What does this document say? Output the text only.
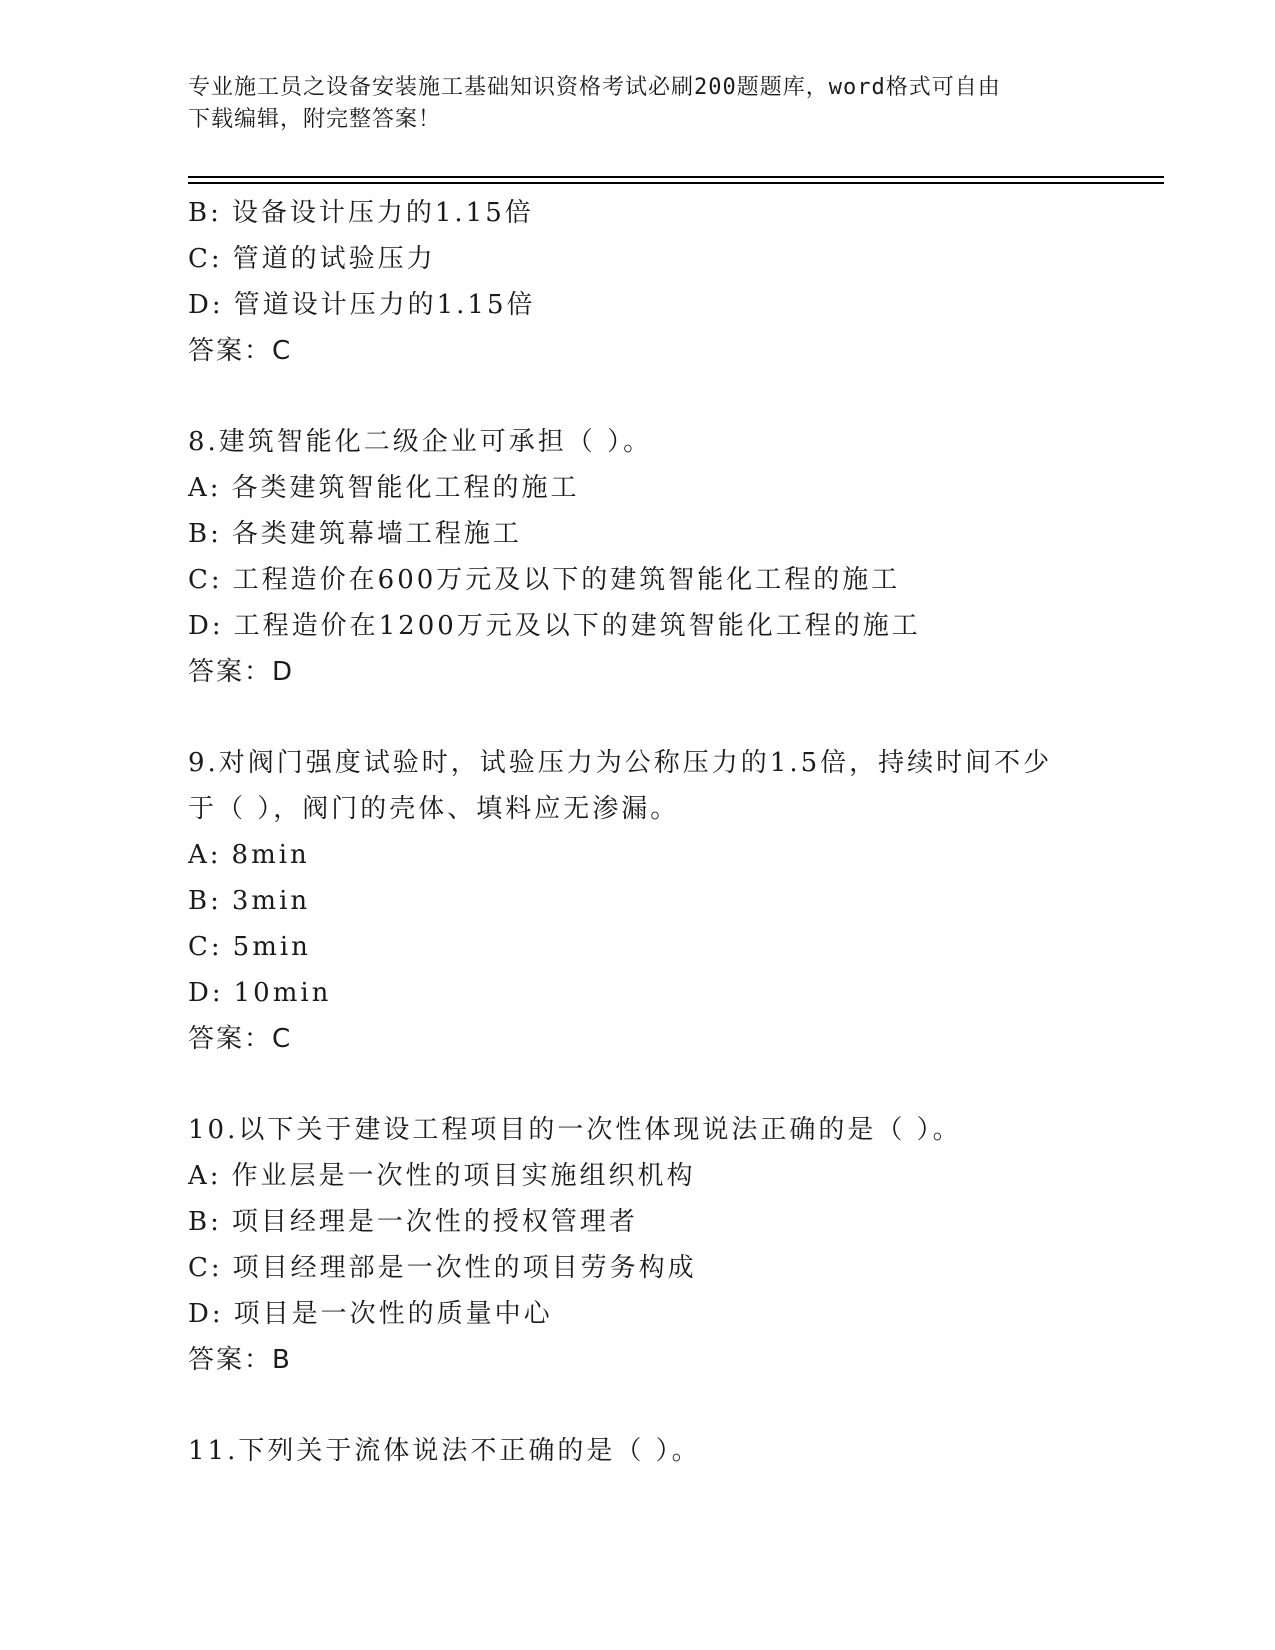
专业施工员之设备安装施工基础知识资格考试必刷200题题库，word格式可自由
下载编辑，附完整答案！
B: 设备设计压力的1.15倍
C: 管道的试验压力
D: 管道设计压力的1.15倍
答案：C
8.建筑智能化二级企业可承担（ ）。
A: 各类建筑智能化工程的施工
B: 各类建筑幕墙工程施工
C: 工程造价在600万元及以下的建筑智能化工程的施工
D: 工程造价在1200万元及以下的建筑智能化工程的施工
答案：D
9.对阀门强度试验时，试验压力为公称压力的1.5倍，持续时间不少
于（ ），阀门的壳体、填料应无渗漏。
A: 8min
B: 3min
C: 5min
D: 10min
答案：C
10.以下关于建设工程项目的一次性体现说法正确的是（ ）。
A: 作业层是一次性的项目实施组织机构
B: 项目经理是一次性的授权管理者
C: 项目经理部是一次性的项目劳务构成
D: 项目是一次性的质量中心
答案：B
11.下列关于流体说法不正确的是（ ）。
